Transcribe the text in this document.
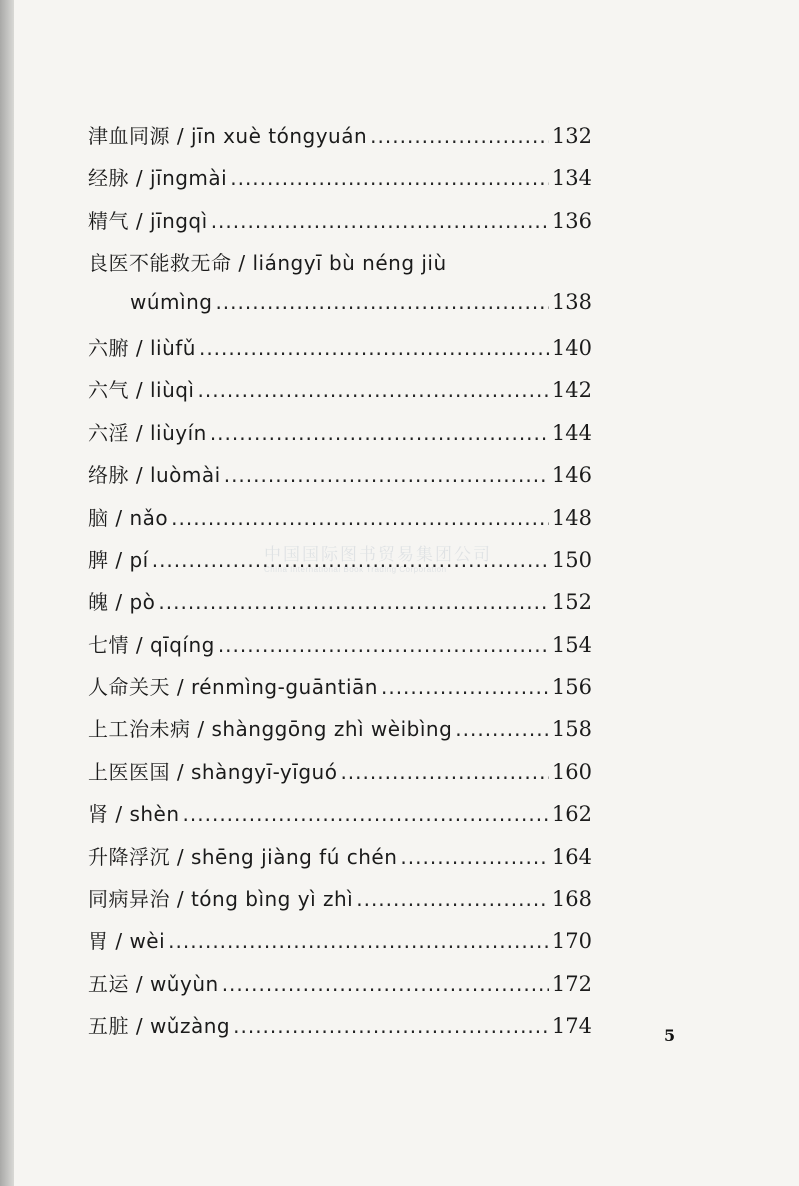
津血同源 / jīn xuè tóngyuán .....	132
经脉 / jīngmài .....	134
精气 / jīngqì .....	136
良医不能救无命 / liángyī bù néng jiù
wúmìng .....	138
六腑 / liùfǔ .....	140
六气 / liùqì .....	142
六淫 / liùyín .....	144
络脉 / luòmài .....	146
脑 / nǎo .....	148
脾 / pí .....	150
魄 / pò .....	152
七情 / qīqíng .....	154
人命关天 / rénmìng-guāntiān .....	156
上工治未病 / shànggōng zhì wèibìng .....	158
上医医国 / shàngyī-yīguó .....	160
肾 / shèn .....	162
升降浮沉 / shēng jiàng fú chén .....	164
同病异治 / tóng bìng yì zhì .....	168
胃 / wèi .....	170
五运 / wǔyùn .....	172
五脏 / wǔzàng .....	174
中国国际图书贸易集团公司
China International Book Trading Corporation
5
